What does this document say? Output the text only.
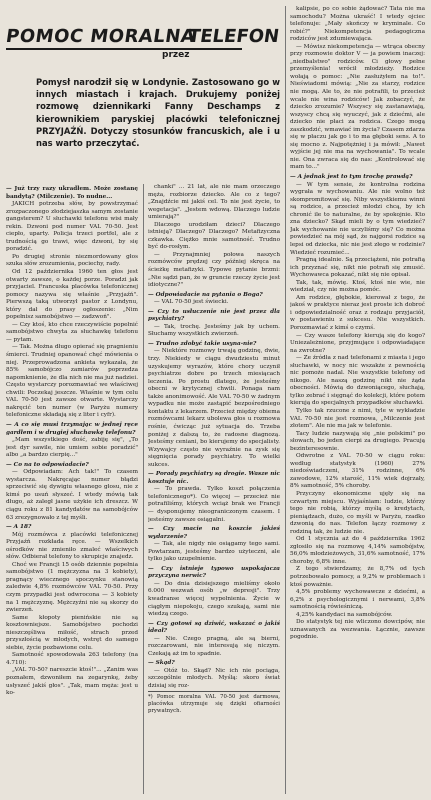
POMOC MORALNA
przez
TELEFON
Pomysł narodził się w Londynie. Zastosowano go w innych miastach i krajach. Drukujemy poniżej rozmowę dziennikarki Fanny Deschamps z kierownikiem paryskiej placówki telefonicznej PRZYJAŹŃ. Dotyczy stosunków francuskich, ale i u nas warto przeczytać.

— Już trzy razy ukradłem. Może zostanę bandytą? (Milczenie). To nudne...

JAKICH potrzeba słów, by powstrzymać zrozpaczonego złodziejaszka samym zostanie gangsterem? U słuchawki telefonu wisi mały rekin. Dzwoni pod numer VAL 70-50. Jest ciepło, uparty. Policja trzeci portfel, ale z trudnością go trawi, więc dzwoni, by się poradzić.

Po drugiej stronie niezmordowany głos szuka słów zrozumienia, pociechy, rady.

Od 12 października 1960 ten głos jest otwarty zawsze, o każdej porze. Poradzi jak przyjaciel. Francuska placówka telefonicznej pomocy nazywa się właśnie „Przyjaźń". Pierwszą taką utworzył pastor z Londynu, który dał do prasy ogłoszenie: „Nim popełnisz samobójstwo — zadzwoń".

— Czy ktoś, kto chce rzeczywiście popełnić samobójstwo chwyta za słuchawkę telefonu — pytam.

— Tak. Można długo opierać się pragnieniu śmierci. Trudniej opanować chęć mówienia o niej. Przeprowadzona ankieta wykazała, że 85% samobójczo zamiarów poprzedza napomknienie, że dla nich nie ma już nadziei. Często wystarczy porozmawiać we właściwej chwili: Poczekaj jeszcze. Właśnie w tym celu VAL 70-50 jest zawsze otwarte. Wystarczy nakręcić ten numer (w Paryżu numery telefoniczne składają się z liter i cyfr).

— A co się musi trzymając w jednej ręce gardłem i w drugiej słuchawkę telefonu?

„Mam wszystkiego dość, zabiję się", „To jest dyr sawile, nie umiem sobie poradzić" albo „a bardzo cierpię..."

— Co na to odpowiadacie?

— Odpowiadam: Ach tak!" To czasem wystarcza. Nakręcając numer błądzi sprzeciwić się dywigiu własnego głosu, nie z kimś po usuń słyszeć. I wtedy mówią tak długo, aż zaległ jasne użykie ich dreszcz. W ciągu roku z 81 kandydatów na samobójców 63 zrezygnowało z tej myśli.

— A 18?

Mój rozmówca z placówki telefonicznej Przyjaźń rozkłada ręce. — Wszelkich ośrodków nie zmieniło zmaleć właściwych słów. Odbierał telefony to skrupicje znajedz.

Choć we Francji 15 osób dziennie popełnia samobójstwo (1 mężczyzna na 3 kobiety), pragnący wiecznego spoczynku stanowią zaledwie 4,8% rozmówców VAL 70-50. Przy czym przypadki jest odwrocona — 3 kobiety na 1 mężczyznę. Mężczyźni nie są skorzy do zwierzeń.

Same kłopoty pienińskie nie są kosztowniejsze. Samobójstwo pochodzi nieszczęśliwa miłość, strach przed przyszłością w młodych, wstręt do samego siebie, życie pozbawione celu.

Samotność spowodowała 263 telefony (na 4.710):

„VAL 70-50? nareszcie ktoś!"... „Zanim was poznałem, dzwoniłem na zegarynkę, żeby usłyszeć jakiś głos". „Tak, mam męża: jest u ko-

chanki" ... 21 lat, ale nie mam orzeczego męża, rozbiorze dziecko. Ale co z tego? „Znajdźcie mi jakiś cel. To nie jest życie, to wegetacja". „Jestem wdową. Dlaczego ludzie umierają?"

Dlaczego urodziłam dzieci? Dlaczego istnieją? Dlaczego? Dlaczego? Metafizyczna czkawka. Ciężko mnie samotność. Trudno być do-rosłym.

— Przynajmniej połowa naszych rozmówców prędzej czy później skręca na ścieżkę metafizyki. Typowe pytanie brzmi: „Nie sądzi pan, że w gruncie rzeczy życie jest idiotyczne?"

— Odpowiadacie na pytania o Boga?

— VAL 70-50 jest świecki.

— Czy to usłuczenie nie jest przez dla psychiatry?

— Tak, trochę. Jesteśmy jak by uchem. Słuchamy wszystkich zwierzeń.

— Trudno zdobyć takie usyna-nie?

— Niektóre rozmowy trwają godzinę, dwie, trzy. Niekiedy w ciągu dwudziestu minut uzyskujemy wyrazów, które chory uczynił psychiatrze dobre po trzech miesiącach leczenia. Po prostu dlatego, że jesteśmy obecni w krytycznej chwili. Ponaga nam także anonimowość. Ale VAL 70-50 w żadnym wypadku nie może zastąpić bezpośredniego kontaktu z lekarzem. Przecież między obiema rozmówcami lekarz ubolewa głos u rozmowa rośnie, ćwicząc już sytuacja do. Trzeba poniżej z dalszą to, że radosne diagnozą. Jesteśmy ceniani, bo kierujemy do specjalisty. Wzywajcy często nie wyraźnie na zysk się sięgnięcia porady psychiatry. To wielki sukces.

— Porady psychiatry są drogie. Wasze nic kosztuje nic.

— To prawda. Tylko koszt połączenia telefonicznego*). Co więcej — przecież nie potrafiliśmy, których wciąż brak we Francji — dysponujemy nieograniczonym czasem. I jesteśmy zawsze osiągalni.

— Czy macie na koszcie jakieś wydarzenie?

— Tak, ale nigdy nie osiągamy tego sami. Powtarzam, jesteśmy bardzo użyteczni, ale tylko jako uzupełnienie.

— Czy istnieje typowo uspokajacza przyczyna nerwic?

— Do dnia dzisiejszego mieliśmy około 6.000 wezwań osób „w depresji". Trzy kwadranse więcej wypełnienia. Życie w ciągłym niepokoju, czego szukają, sami nie wiedzą czego.

— Czy gotowi są dziwić, wskazać o jakiś ideał?

— Nie. Czego pragną, ale są bierni, rozczarowani, nie interesują się niczym. Czekają aż im to spadnie.

— Skąd?

— Otóż to. Skąd? Nic ich nie pociąga, szczególnie młodych. Myślą: skoro świat dzisiaj się roz-

*) Pomoc moralna VAL 70-50 jest darmowa, placówka utrzymuje się dzięki ofiarności prywatnych.

kalipsie, po co sobie żądować? Tata nie ma samochodu? Można ukraść! I wtedy ojciec telefonuje: „Mały skończy w kryminale. Co robić?" Niekompetencja pedagogiczna rodziców jest zdumiewająca.

— Mówisz niekompetencja — wtrąca obecny przy rozmowie doktor V — ja powiem inaczej: „niedbalstwo" rodziców. Ci głowy pełne przemyślenia! wrócił młodzieży. Rodzice wołają o pomoc: „Nie zasłużyłem na to!". Nieświadomi mówią: „Nie za starzy, rodzice nie mogą. Ale to, że nie potrafili, to przecież wcale nie wina rodziców! Jak zobaczyć, że dziecko zrozumie? Wszyscy się zastanawiają, wszyscy chcą się wyuczyć, jak z dziećmi, ale dziecko nie płaci za rodzica. Czego mogą zaszkodzić, wmawiać im życia? Czasem zdarza się w płaczu jak go i to ma głęboki sens. A to się mocno z. Najpotężniej i ja mówił: „Nawet wyjście jej nie ma na wychowania". To wcale nie. Ona zwraca się do nas: „Kontrolować się mam to..."

— A jednak jest to tym trochę prawdą?

— W tym sensie, że kontrolna rodzina wygrała w wychowaniu. Ale nie wolno też skompromitować się. Niby wszystkiemu winni są rodzice, a przecież młodzi chcą, by ich chronić ile to naturalne, że by spokojnie. Kto zna dziecko? Skąd mieli by o tym wiedzieć? Jak wychowanie nie uczyliśmy się? Co można powiedzieć na mój sąd, że najgorsi rodzice są lepsi od dziecka, nic nie jest złego w rodzinie? Wiedzieć rozumieć...

Pragną idealnie. Są przeciążeni, nie potrafią ich przyznać się, nikt nie potrafi się zmusić. Wychowawca pokazać, nikt się nie opisał.

Tak, tak, mówię. Ktoś, ktoś nie wie, nie wiedział, czy nie można pomóc.

Am rodzice, głębokie, kierował z tego, że jakoś w praktyce nieraz jest proste ich dobroć i odpowiedzialność oraz z rodzaju przyjaciół, w postawieniu z sukcesu. Nie wszystkich. Porozmawiać z kimś o czymś.

— Czy wasze telefony kierują się do kogo? Uniezależnione, przyjmujące i odpowiadające na zwrotne?

— Ze źródła z nad telefonami z miasta i jego słuchawki, w nocy nic wszakże z pewnością nic pomoże nadal. Nie wszystkie telefony od nikogo. Ale naszą godzinę nikt nie żąda obecności. Mówią do dzwoniącego, słuchają, tylko zebrać i sięgnąć do kolekcji, które potem kierują do specjalnych przypadków słuchawki.

Tylko tak rzucone z nimi, tyle w wykładzie VAL 70-50 nie jest rozmowa, „Milczenie jest złotem". Ale nie ma jak w telefonie.

Tacy ludzie nazywają się „nie polskimi" po słowach, bo jeden cierpi za drugiego. Pracują bezinteresownie.

Odwrotne z VAL 70-50 w ciągu roku: według statystyk (1960) 27% niedoświadczeni, 31% rodzinne, 6% zawodowe, 12% starość, 11% wiek dojrzały, 8% samotność, 5% choroby.

Przyczyny ekonomiczne ujęły się na czwartym miejscu. Wyjaśniam: ludzie, którzy tego nie robią, którzy myślą o kredytach, pieniądzach, dużo, co myśli w Paryżu, rzadko dzwonią do nas. Telefon łączy rozmowy z rodziną tak, że ludzie nie.

Od 1 stycznia aż do 4 października 1962 zgłosiło się na rozmowę 4,14% samobójstw, 56,0% młodzieżowych, 31,6% samotność, 17% choroby, 6,8% inne.

Z tego stwierdzamy, że 8,7% od tych potrzebowało pomocy, a 9,2% w problemach i ktoś poważnie.

4,5% problemy wychowawcze z dziećmi, a 6,2% z psychologicznymi i nerwami, 3,8% samotnością rówieśniczą.

4,25% kandydaci na samobójców.

Do statystyk tej nie wliczono dowcipów, nie uznawanych za wezwania. Łącznie, zawsze pogodnie.
